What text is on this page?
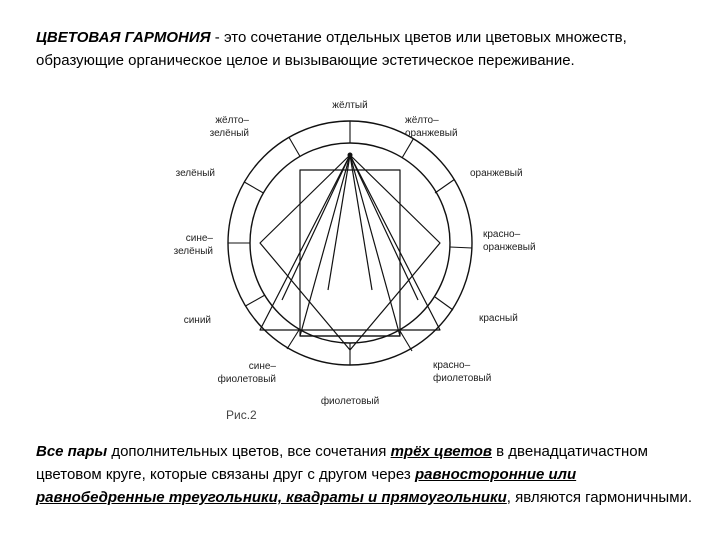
ЦВЕТОВАЯ ГАРМОНИЯ - это сочетание отдельных цветов или цветовых множеств, образующие органическое целое и вызывающие эстетическое переживание.
жёлтый
жёлто– оранжевый
оранжевый
красно– оранжевый
красный
красно– фиолетовый
фиолетовый
сине– фиолетовый
синий
сине– зелёный
зелёный
жёлто– зелёный
Рис.2
Все пары дополнительных цветов, все сочетания трёх цветов в двенадцатичастном цветовом круге, которые связаны друг с другом через равносторонние или равнобедренные треугольники, квадраты и прямоугольники, являются гармоничными.
